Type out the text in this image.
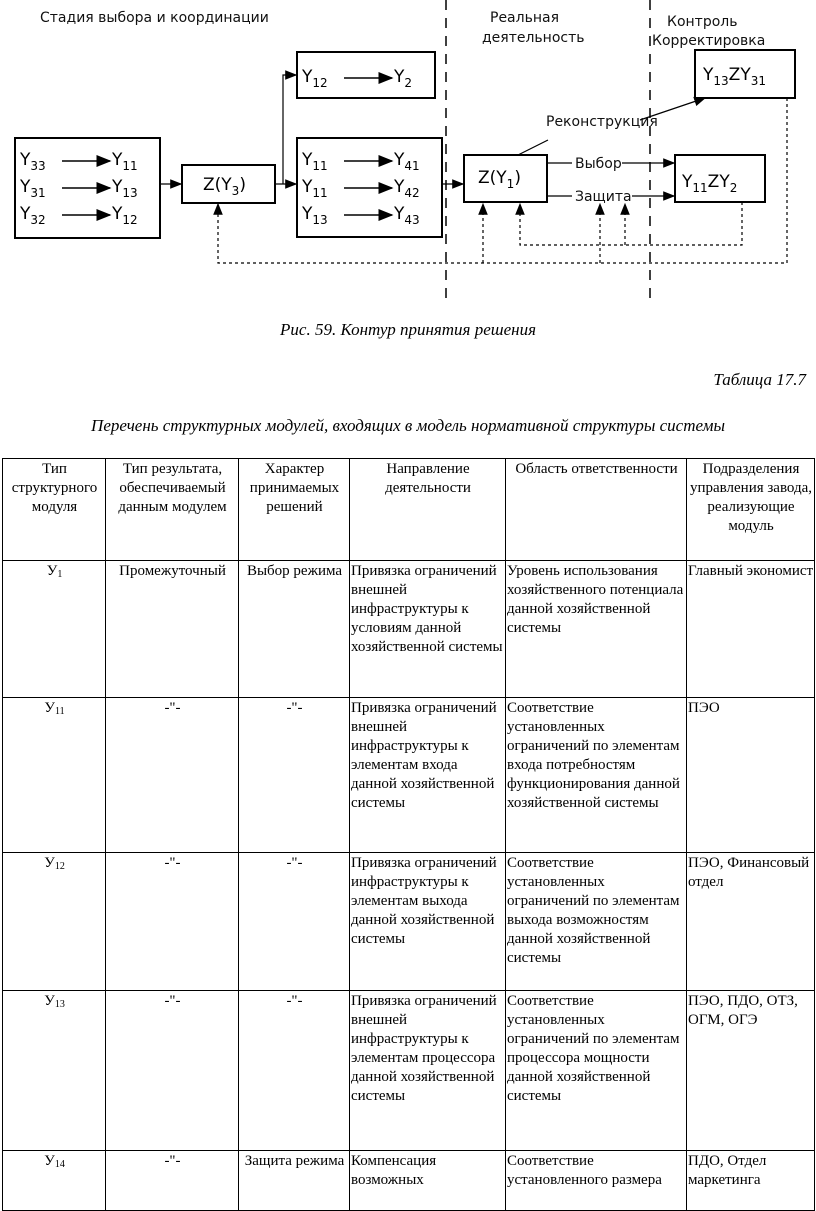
Стадия выбора и координации	Реальная
деятельность
Контроль
Корректировка
$Y_{33}$	$Y_{11}$
$Y_{31}$	$Y_{13}$
$Y_{32}$	$Y_{12}$
$Z(Y_3)$
$Y_{12}$	$Y_2$
$Y_{11}$	$Y_{41}$
$Y_{11}$	$Y_{42}$
$Y_{13}$	$Y_{43}$
$Z(Y_1)$	$Y_{11}ZY_2$
$Y_{13}ZY_{31}$
Реконструкция
Выбор
Защита
Рис. 59. Контур принятия решения
Таблица 17.7
Перечень структурных модулей, входящих в модель нормативной структуры системы
Тип структурного модуля	Тип результата, обеспечиваемый данным модулем	Характер принимаемых решений	Направление деятельности	Область ответственности	Подразделения управления завода, реализующие модуль
$У_1$	Промежуточный	Выбор режима	Привязка ограничений внешней инфраструктуры к условиям данной хозяйственной системы	Уровень использования хозяйственного потенциала данной хозяйственной системы	Главный экономист
$У_{11}$	-"-	-"-	Привязка ограничений внешней инфраструктуры к элементам входа данной хозяйственной системы	Соответствие установленных ограничений по элементам входа потребностям функционирования данной хозяйственной системы	ПЭО
$У_{12}$	-"-	-"-	Привязка ограничений инфраструктуры к элементам выхода данной хозяйственной системы	Соответствие установленных ограничений по элементам выхода возможностям данной хозяйственной системы	ПЭО, Финансовый отдел
$У_{13}$	-"-	-"-	Привязка ограничений внешней инфраструктуры к элементам процессора данной хозяйственной системы	Соответствие установленных ограничений по элементам процессора мощности данной хозяйственной системы	ПЭО, ПДО, ОТЗ, ОГМ, ОГЭ
$У_{14}$	-"-	Защита режима	Компенсация возможных	Соответствие установленного размера	ПДО, Отдел маркетинга
